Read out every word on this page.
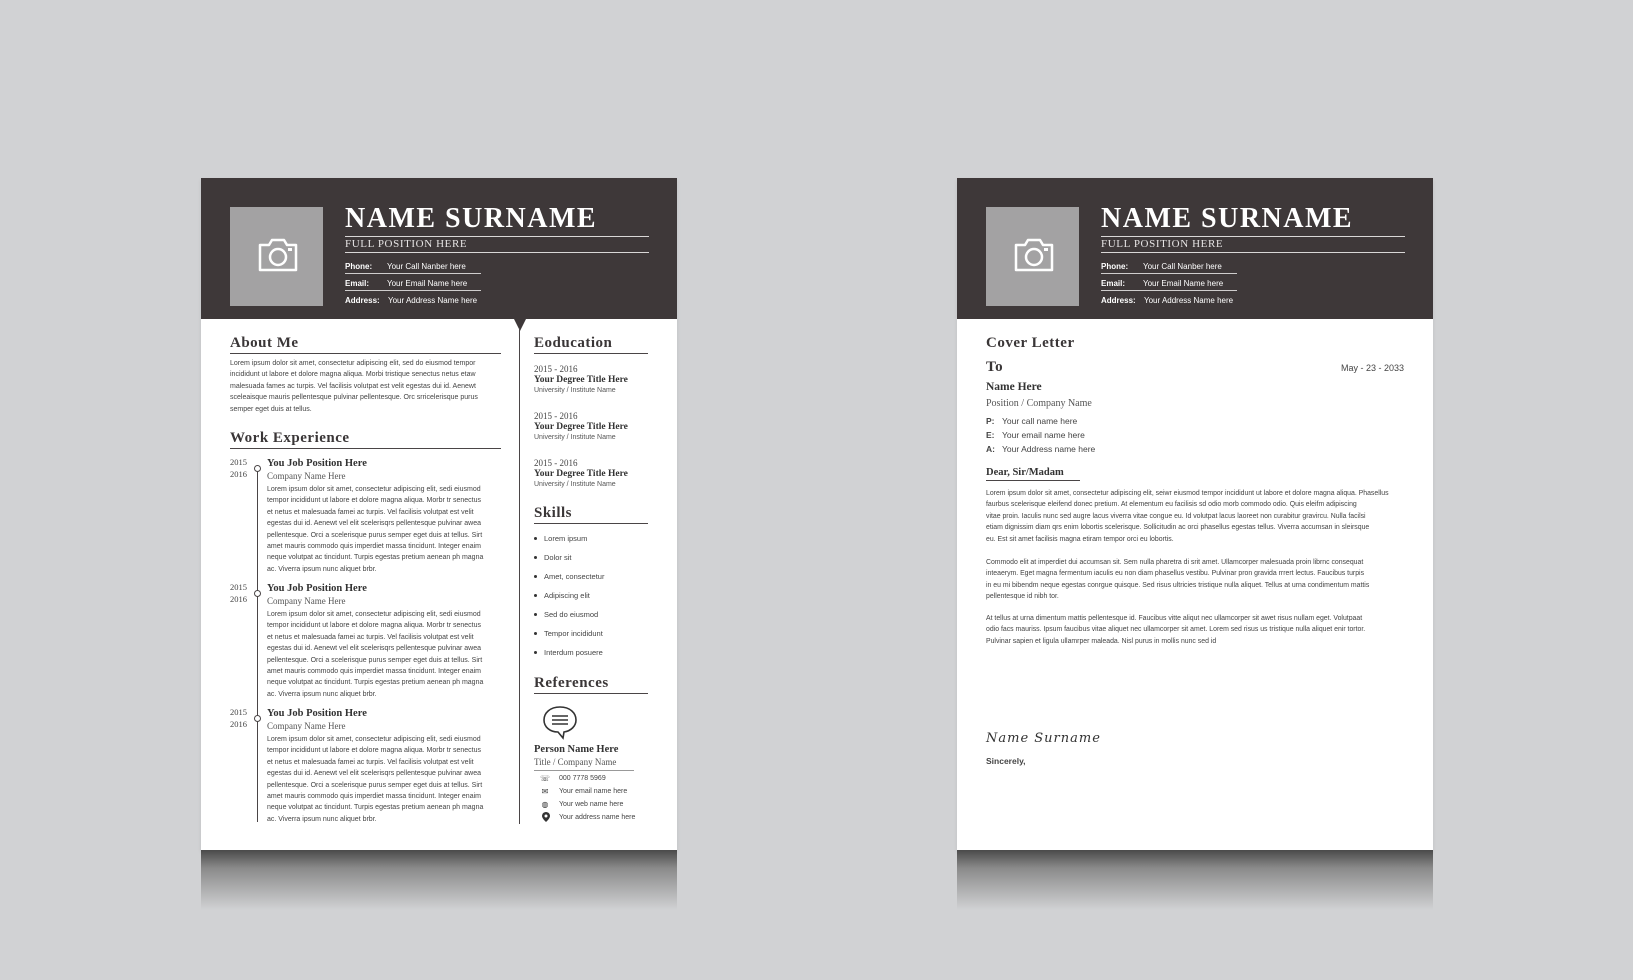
NAME SURNAME
FULL POSITION HERE
Phone: Your Call Nanber here
Email: Your Email Name here
Address: Your Address Name here
About Me
Lorem ipsum dolor sit amet, consectetur adipiscing elit, sed do eiusmod tempor
incididunt ut labore et dolore magna aliqua. Morbi tristique senectus netus etaw
malesuada fames ac turpis. Vel facilisis volutpat est velit egestas dui id. Aenewt
sceleaisque mauris pellentesque pulvinar pellentesque. Orc srricelerisque purus
semper eget duis at tellus.
Work Experience
2015
2016
You Job Position Here
Company Name Here
Lorem ipsum dolor sit amet, consectetur adipiscing elit, sedi eiusmod
tempor incididunt ut labore et dolore magna aliqua. Morbr tr senectus
et netus et malesuada famei ac turpis. Vel facilisis volutpat est velit
egestas dui id. Aenewt vel elit scelerisqrs pellentesque pulvinar awea
pellentesque. Orci a scelerisque purus semper eget duis at tellus. Sirt
amet mauris commodo quis imperdiet massa tincidunt. Integer enaim
neque volutpat ac tincidunt. Turpis egestas pretium aenean ph magna
ac. Viverra ipsum nunc aliquet brbr.
2015
2016
You Job Position Here
Company Name Here
Lorem ipsum dolor sit amet, consectetur adipiscing elit, sedi eiusmod
tempor incididunt ut labore et dolore magna aliqua. Morbr tr senectus
et netus et malesuada famei ac turpis. Vel facilisis volutpat est velit
egestas dui id. Aenewt vel elit scelerisqrs pellentesque pulvinar awea
pellentesque. Orci a scelerisque purus semper eget duis at tellus. Sirt
amet mauris commodo quis imperdiet massa tincidunt. Integer enaim
neque volutpat ac tincidunt. Turpis egestas pretium aenean ph magna
ac. Viverra ipsum nunc aliquet brbr.
2015
2016
You Job Position Here
Company Name Here
Lorem ipsum dolor sit amet, consectetur adipiscing elit, sedi eiusmod
tempor incididunt ut labore et dolore magna aliqua. Morbr tr senectus
et netus et malesuada famei ac turpis. Vel facilisis volutpat est velit
egestas dui id. Aenewt vel elit scelerisqrs pellentesque pulvinar awea
pellentesque. Orci a scelerisque purus semper eget duis at tellus. Sirt
amet mauris commodo quis imperdiet massa tincidunt. Integer enaim
neque volutpat ac tincidunt. Turpis egestas pretium aenean ph magna
ac. Viverra ipsum nunc aliquet brbr.
Eoducation
2015 - 2016
Your Degree Title Here
University / Institute Name
2015 - 2016
Your Degree Title Here
University / Institute Name
2015 - 2016
Your Degree Title Here
University / Institute Name
Skills
Lorem ipsum
Dolor sit
Amet, consectetur
Adipiscing elit
Sed do eiusmod
Tempor incididunt
Interdum posuere
References
Person Name Here
Title / Company Name
☏ 000 7778 5969
✉ Your email name here
◍ Your web name here
Your address name here
NAME SURNAME
FULL POSITION HERE
Phone: Your Call Nanber here
Email: Your Email Name here
Address: Your Address Name here
Cover Letter
To	May - 23 - 2033
Name Here
Position / Company Name
P: Your call name here
E: Your email name here
A: Your Address name here
Dear, Sir/Madam
Lorem ipsum dolor sit amet, consectetur adipiscing elit, seiwr eiusmod tempor incididunt ut labore et dolore magna aliqua. Phasellus
faurbus scelerisque eleifend donec pretium. At elementum eu facilisis sd odio morb commodo odio. Quis eleifm adipiscing
vitae proin. Iaculis nunc sed augre lacus viverra vitae congue eu. Id volutpat lacus laoreet non curabitur gravircu. Nulla facilsi
etiam dignissim diam qrs enim lobortis scelerisque. Sollicitudin ac orci phasellus egestas tellus. Viverra accumsan in sleirsque
eu. Est sit amet facilisis magna etiram tempor orci eu lobortis.
Commodo elit at imperdiet dui accumsan sit. Sem nulla pharetra di srit amet. Ullamcorper malesuada proin librnc consequat
inteaerym. Eget magna fermentum iaculis eu non diam phasellus vestibu. Pulvinar pron gravida rrrert lectus. Faucibus turpis
in eu mi bibendm neque egestas conrgue quisque. Sed risus ultricies tristique nulla aliquet. Tellus at urna condimentum mattis
pellentesque id nibh tor.
At tellus at urna dimentum mattis pellentesque id. Faucibus vitte aliqut nec ullamcorper sit awet risus nullam eget. Volutpaat
odio facs mauriss. Ipsum faucibus vitae aliquet nec ullamcorper sit amet. Lorem sed risus us tristique nulla aliquet enir tortor.
Pulvinar sapien et ligula ullamrper maleada. Nisl purus in mollis nunc sed id
Name Surname
Sincerely,
